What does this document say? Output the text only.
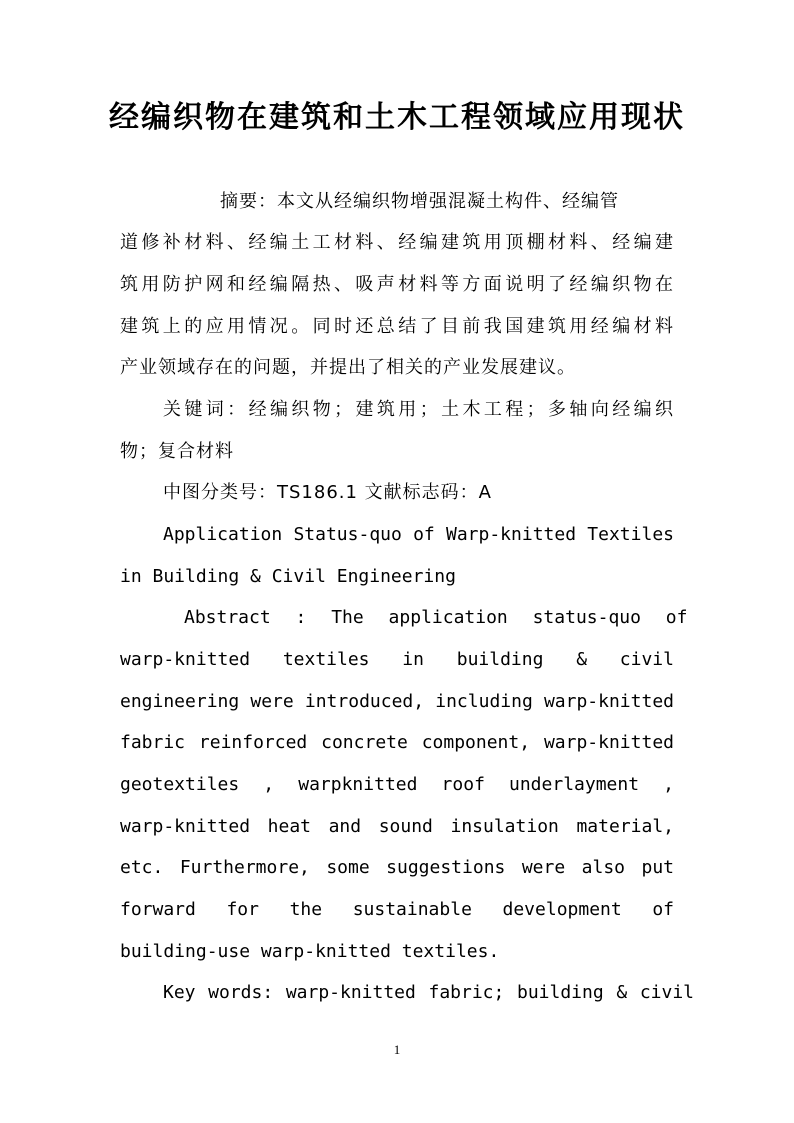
经编织物在建筑和土木工程领域应用现状
摘要：本文从经编织物增强混凝土构件、经编管
道修补材料、经编土工材料、经编建筑用顶棚材料、经编建
筑用防护网和经编隔热、吸声材料等方面说明了经编织物在
建筑上的应用情况。同时还总结了目前我国建筑用经编材料
产业领域存在的问题，并提出了相关的产业发展建议。
关键词：经编织物；建筑用；土木工程；多轴向经编织
物；复合材料
中图分类号：TS186.1 文献标志码：A
Application Status-quo of Warp-knitted Textiles
in Building & Civil Engineering
Abstract : The application status-quo of
warp-knitted textiles in building & civil
engineering were introduced, including warp-knitted
fabric reinforced concrete component, warp-knitted
geotextiles , warpknitted roof underlayment ,
warp-knitted heat and sound insulation material,
etc. Furthermore, some suggestions were also put
forward for the sustainable development of
building-use warp-knitted textiles.
Key words: warp-knitted fabric; building & civil
1
